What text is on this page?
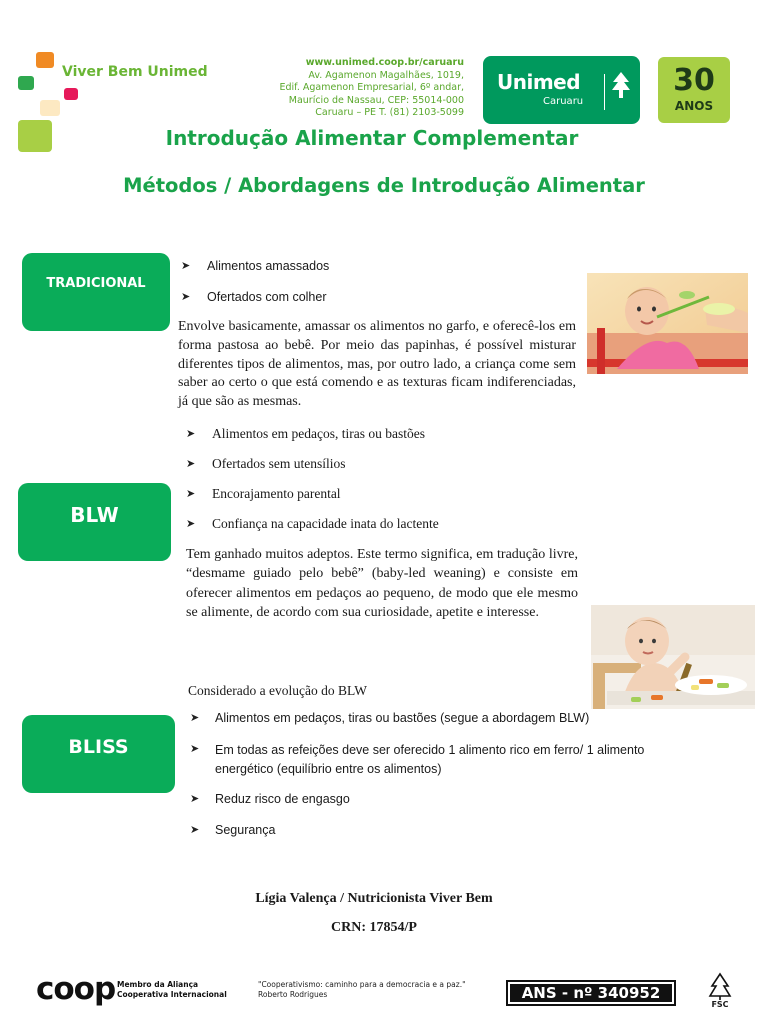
Viver Bem Unimed
www.unimed.coop.br/caruaru
Av. Agamenon Magalhães, 1019,
Edif. Agamenon Empresarial, 6º andar,
Maurício de Nassau, CEP: 55014-000
Caruaru – PE T. (81) 2103-5099
Unimed
Caruaru
30
ANOS
Introdução Alimentar Complementar
Métodos / Abordagens de Introdução Alimentar
TRADICIONAL
➤ Alimentos amassados
➤ Ofertados com colher
Envolve basicamente, amassar os alimentos no garfo, e oferecê-los em forma pastosa ao bebê. Por meio das papinhas, é possível misturar diferentes tipos de alimentos, mas, por outro lado, a criança come sem saber ao certo o que está comendo e as texturas ficam indiferenciadas, já que são as mesmas.
BLW
➤ Alimentos em pedaços, tiras ou bastões
➤ Ofertados sem utensílios
➤ Encorajamento parental
➤ Confiança na capacidade inata do lactente
Tem ganhado muitos adeptos. Este termo significa, em tradução livre, “desmame guiado pelo bebê” (baby-led weaning) e consiste em oferecer alimentos em pedaços ao pequeno, de modo que ele mesmo se alimente, de acordo com sua curiosidade, apetite e interesse.
Considerado a evolução do BLW
BLISS
➤ Alimentos em pedaços, tiras ou bastões (segue a abordagem BLW)
➤ Em todas as refeições deve ser oferecido 1 alimento rico em ferro/ 1 alimento energético (equilíbrio entre os alimentos)
➤ Reduz risco de engasgo
➤ Segurança
Lígia Valença / Nutricionista Viver Bem
CRN: 17854/P
coop Membro da Aliança
Cooperativa Internacional
"Cooperativismo: caminho para a democracia e a paz."
Roberto Rodrigues	ANS - nº 340952
FSC
